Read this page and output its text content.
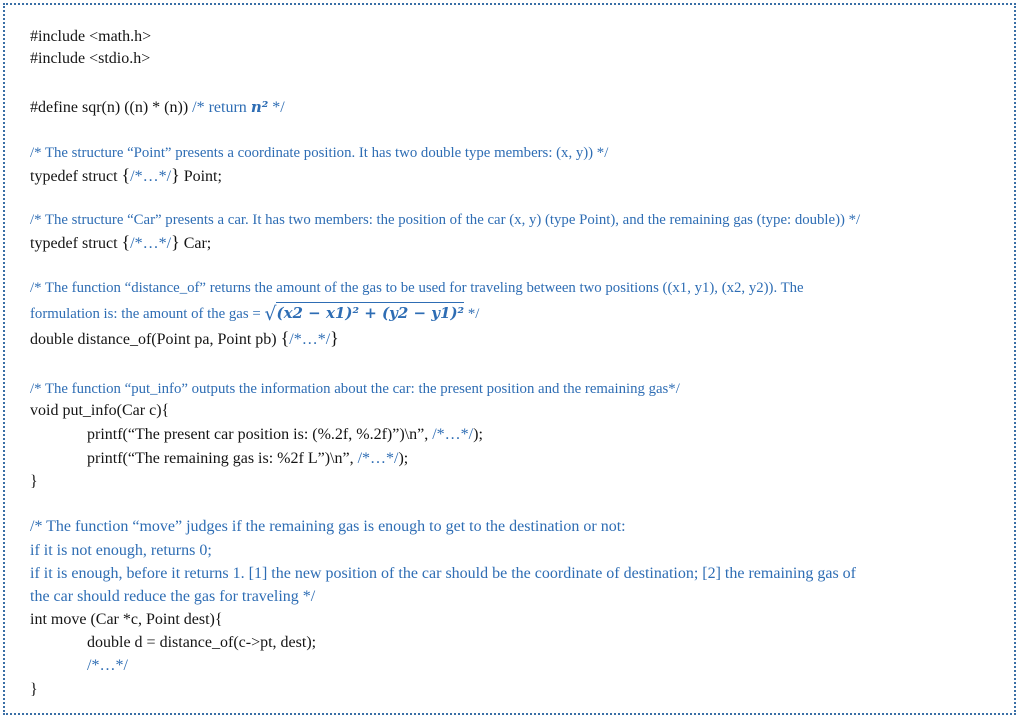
#include <math.h>
#include <stdio.h>
#define sqr(n) ((n) * (n)) /* return n² */
/* The structure “Point” presents a coordinate position. It has two double type members: (x, y)) */
typedef struct {/*…*/} Point;
/* The structure “Car” presents a car. It has two members: the position of the car (x, y) (type Point), and the remaining gas (type: double)) */
typedef struct {/*…*/} Car;
/* The function “distance_of” returns the amount of the gas to be used for traveling between two positions ((x1, y1), (x2, y2)). The
formulation is: the amount of the gas = √(x2 − x1)² + (y2 − y1)² */
double distance_of(Point pa, Point pb) {/*…*/}
/* The function “put_info” outputs the information about the car: the present position and the remaining gas*/
void put_info(Car c){
printf(“The present car position is: (%.2f, %.2f)”)\n”, /*…*/);
printf(“The remaining gas is: %2f L”)\n”, /*…*/);
}
/* The function “move” judges if the remaining gas is enough to get to the destination or not:
if it is not enough, returns 0;
if it is enough, before it returns 1. [1] the new position of the car should be the coordinate of destination; [2] the remaining gas of
the car should reduce the gas for traveling */
int move (Car *c, Point dest){
double d = distance_of(c->pt, dest);
/*…*/
}
